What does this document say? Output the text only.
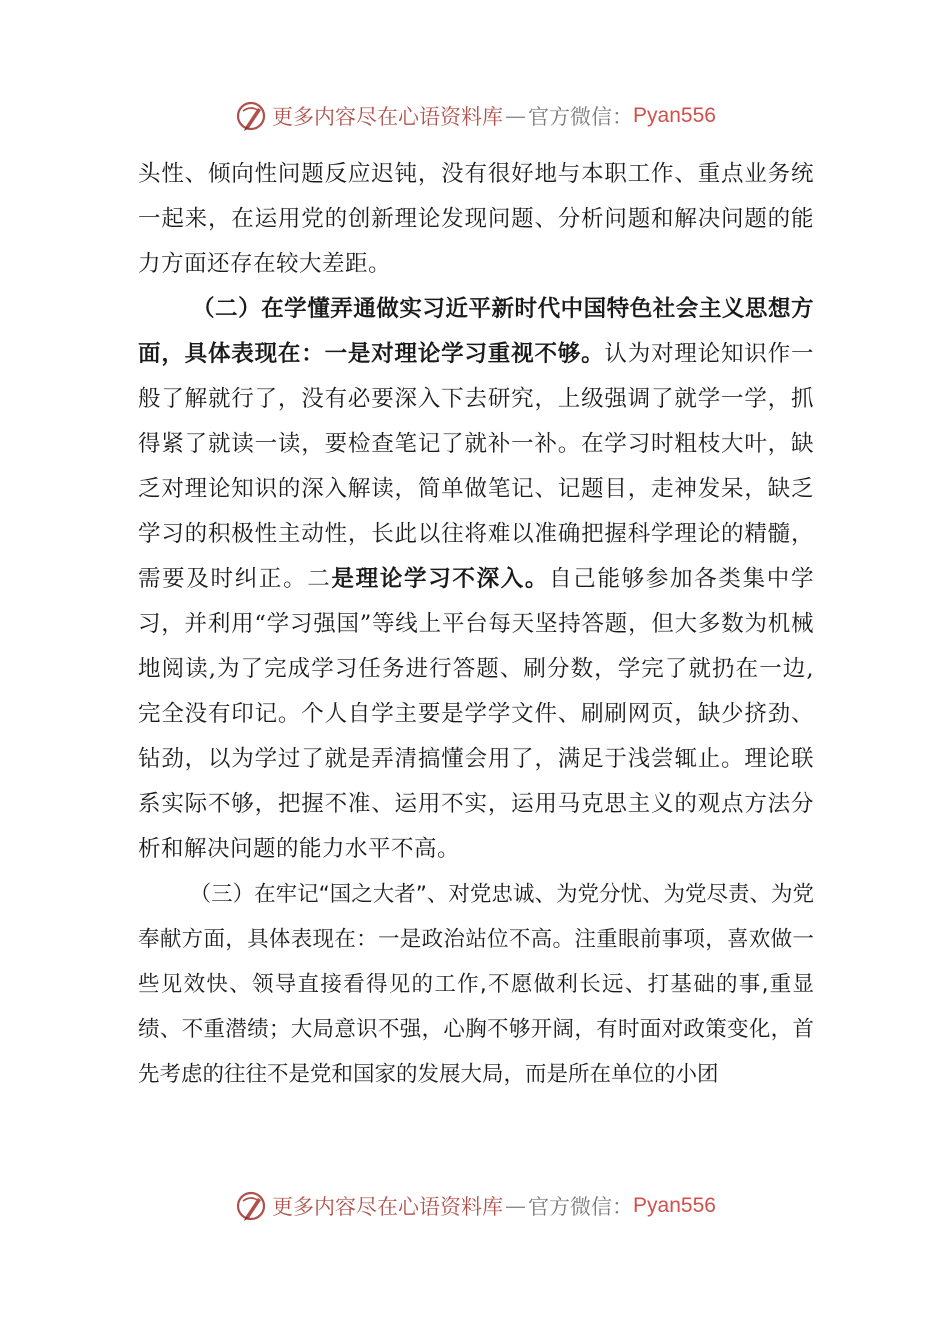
更多内容尽在心语资料库 — 官方微信： Pyan556

头性、倾向性问题反应迟钝，没有很好地与本职工作、重点业务统一起来，在运用党的创新理论发现问题、分析问题和解决问题的能力方面还存在较大差距。

（二）在学懂弄通做实习近平新时代中国特色社会主义思想方面，具体表现在：一是对理论学习重视不够。认为对理论知识作一般了解就行了，没有必要深入下去研究，上级强调了就学一学，抓得紧了就读一读，要检查笔记了就补一补。在学习时粗枝大叶，缺乏对理论知识的深入解读，简单做笔记、记题目，走神发呆，缺乏学习的积极性主动性，长此以往将难以准确把握科学理论的精髓，需要及时纠正。二是理论学习不深入。自己能够参加各类集中学习，并利用“学习强国”等线上平台每天坚持答题，但大多数为机械地阅读,为了完成学习任务进行答题、刷分数，学完了就扔在一边,完全没有印记。个人自学主要是学学文件、刷刷网页，缺少挤劲、钻劲，以为学过了就是弄清搞懂会用了，满足于浅尝辄止。理论联系实际不够，把握不准、运用不实，运用马克思主义的观点方法分析和解决问题的能力水平不高。

（三）在牢记“国之大者”、对党忠诚、为党分忧、为党尽责、为党奉献方面，具体表现在：一是政治站位不高。注重眼前事项，喜欢做一些见效快、领导直接看得见的工作,不愿做利长远、打基础的事,重显绩、不重潜绩；大局意识不强，心胸不够开阔，有时面对政策变化，首先考虑的往往不是党和国家的发展大局，而是所在单位的小团

更多内容尽在心语资料库 — 官方微信： Pyan556
